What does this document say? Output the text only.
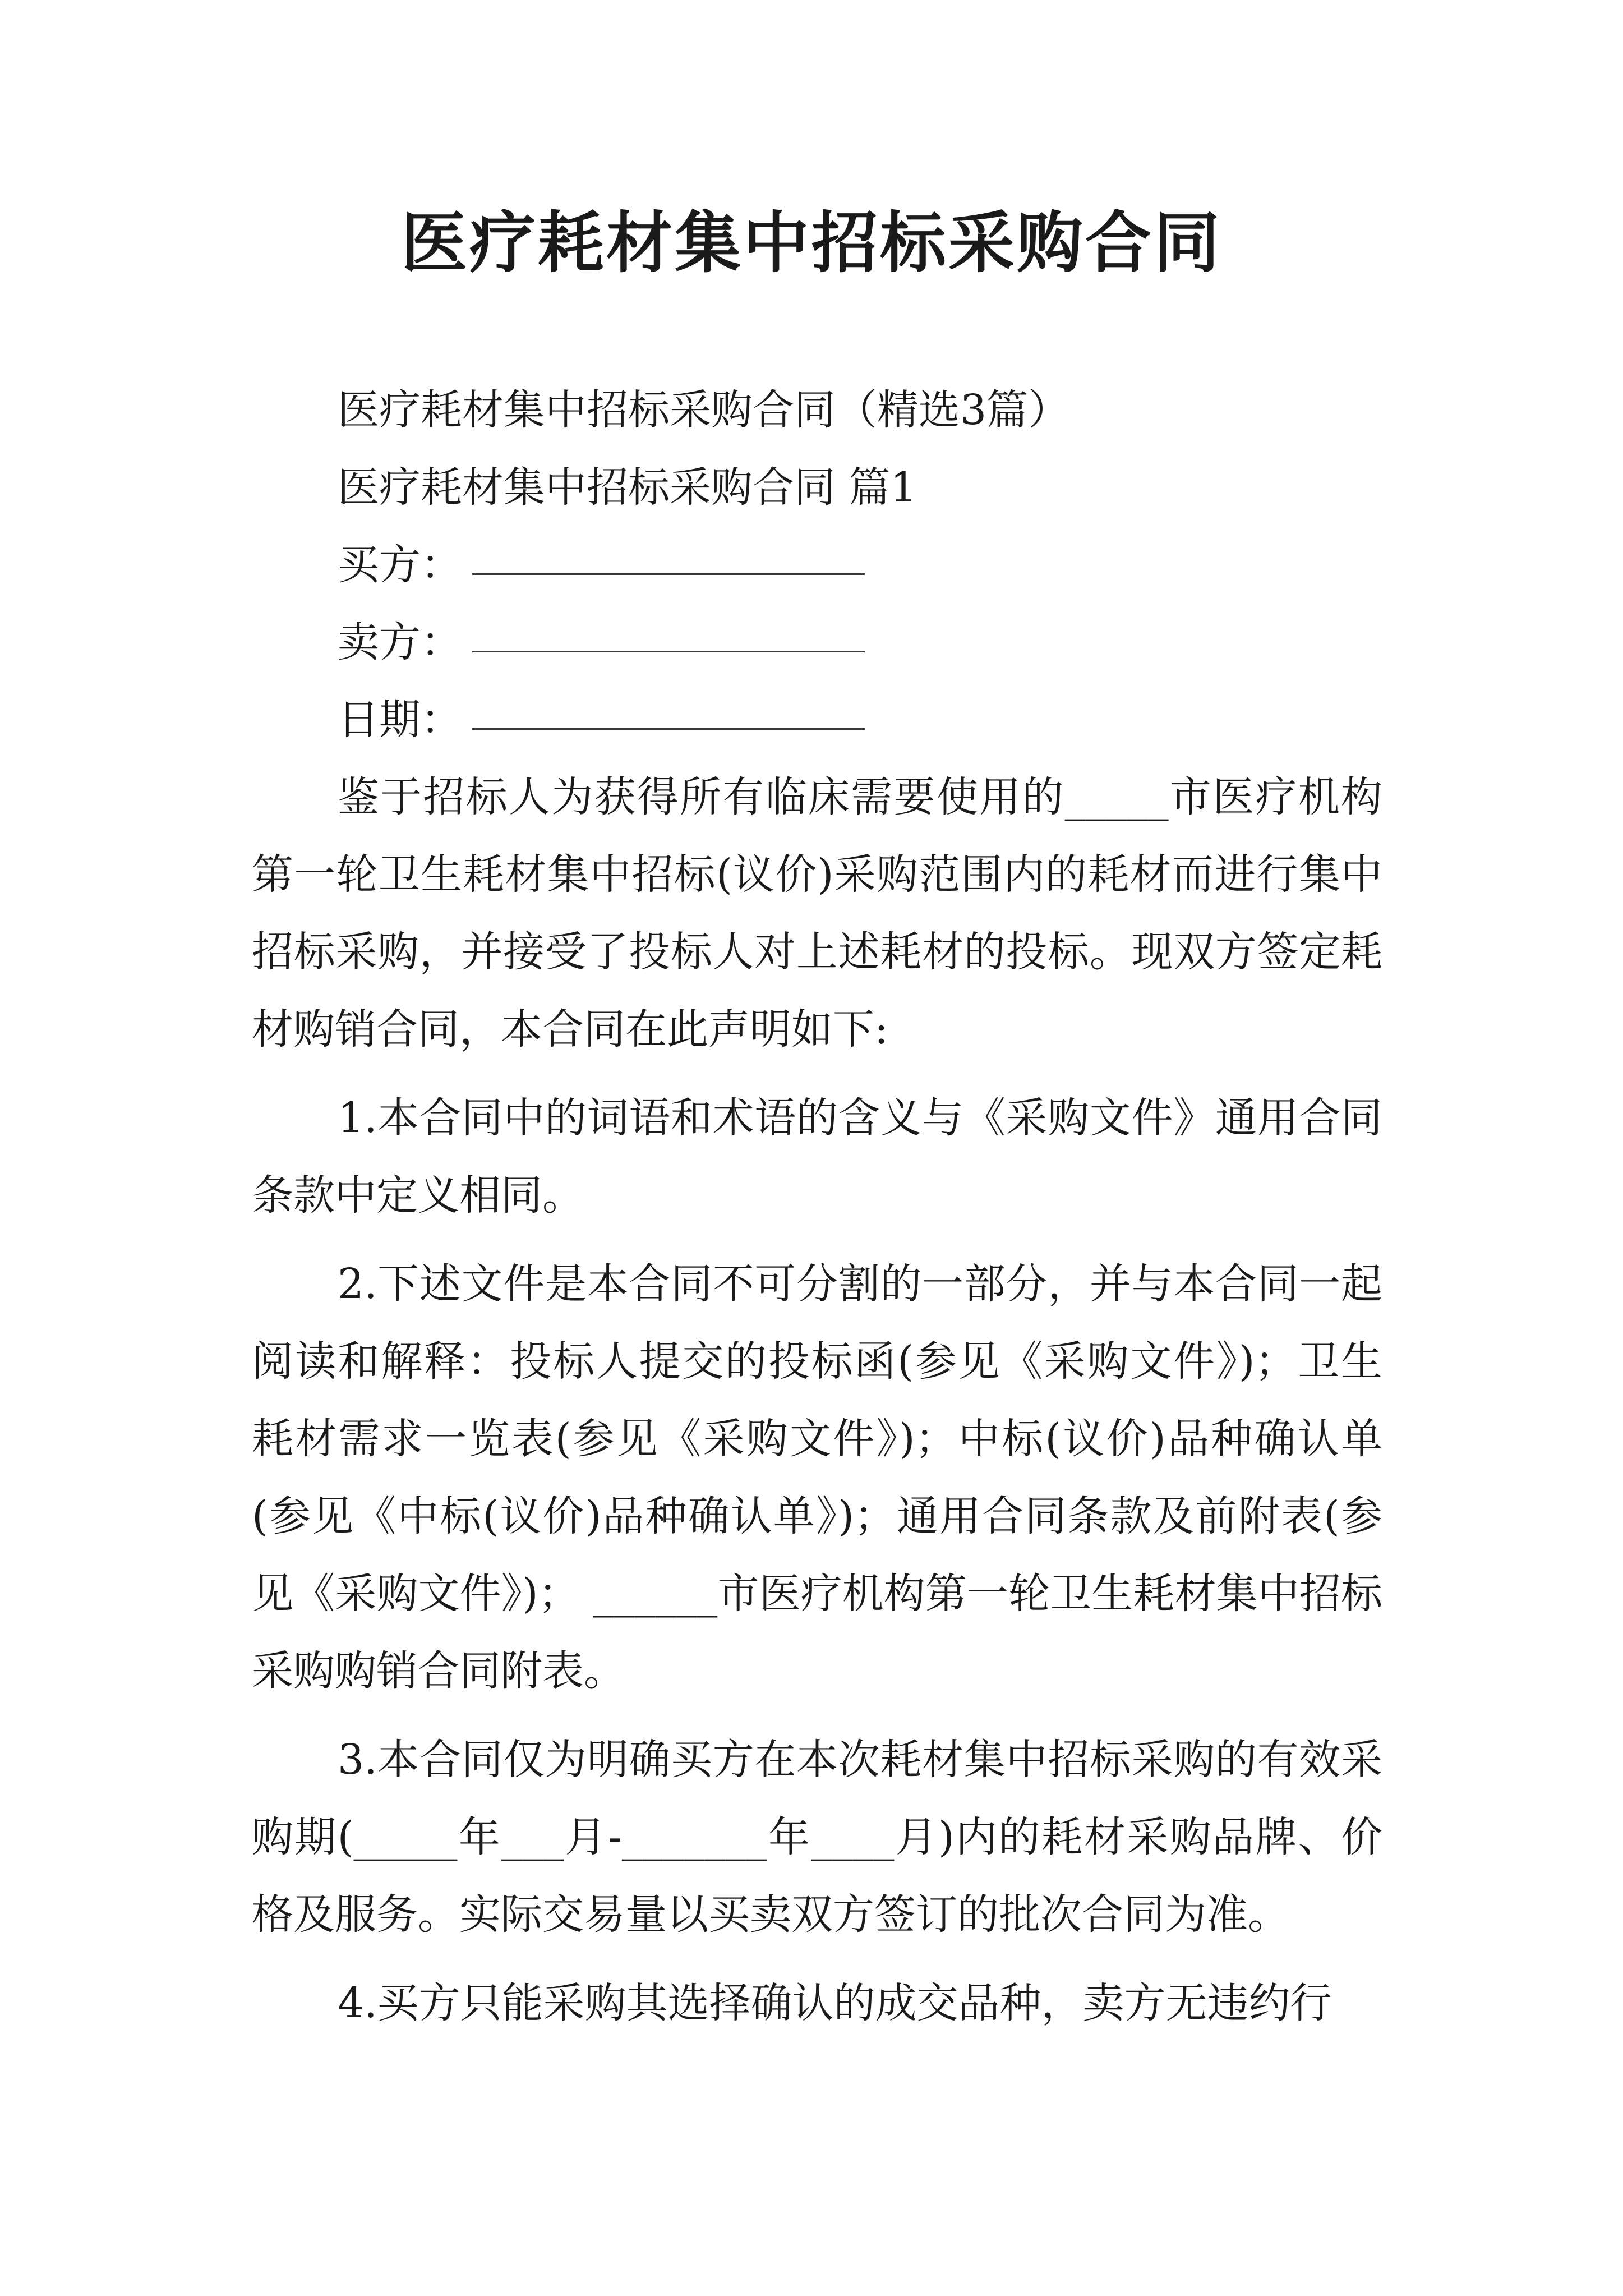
医疗耗材集中招标采购合同
医疗耗材集中招标采购合同（精选3篇）
医疗耗材集中招标采购合同 篇1
买方：
卖方：
日期：

鉴于招标人为获得所有临床需要使用的_____市医疗机构第一轮卫生耗材集中招标(议价)采购范围内的耗材而进行集中招标采购，并接受了投标人对上述耗材的投标。现双方签定耗材购销合同，本合同在此声明如下:

1.本合同中的词语和术语的含义与《采购文件》通用合同条款中定义相同。

2.下述文件是本合同不可分割的一部分，并与本合同一起阅读和解释：投标人提交的投标函(参见《采购文件》)；卫生耗材需求一览表(参见《采购文件》)；中标(议价)品种确认单(参见《中标(议价)品种确认单》)；通用合同条款及前附表(参见《采购文件》)； ______市医疗机构第一轮卫生耗材集中招标采购购销合同附表。

3.本合同仅为明确买方在本次耗材集中招标采购的有效采购期(_____年___月-_______年____月)内的耗材采购品牌、价格及服务。实际交易量以买卖双方签订的批次合同为准。

4.买方只能采购其选择确认的成交品种，卖方无违约行
